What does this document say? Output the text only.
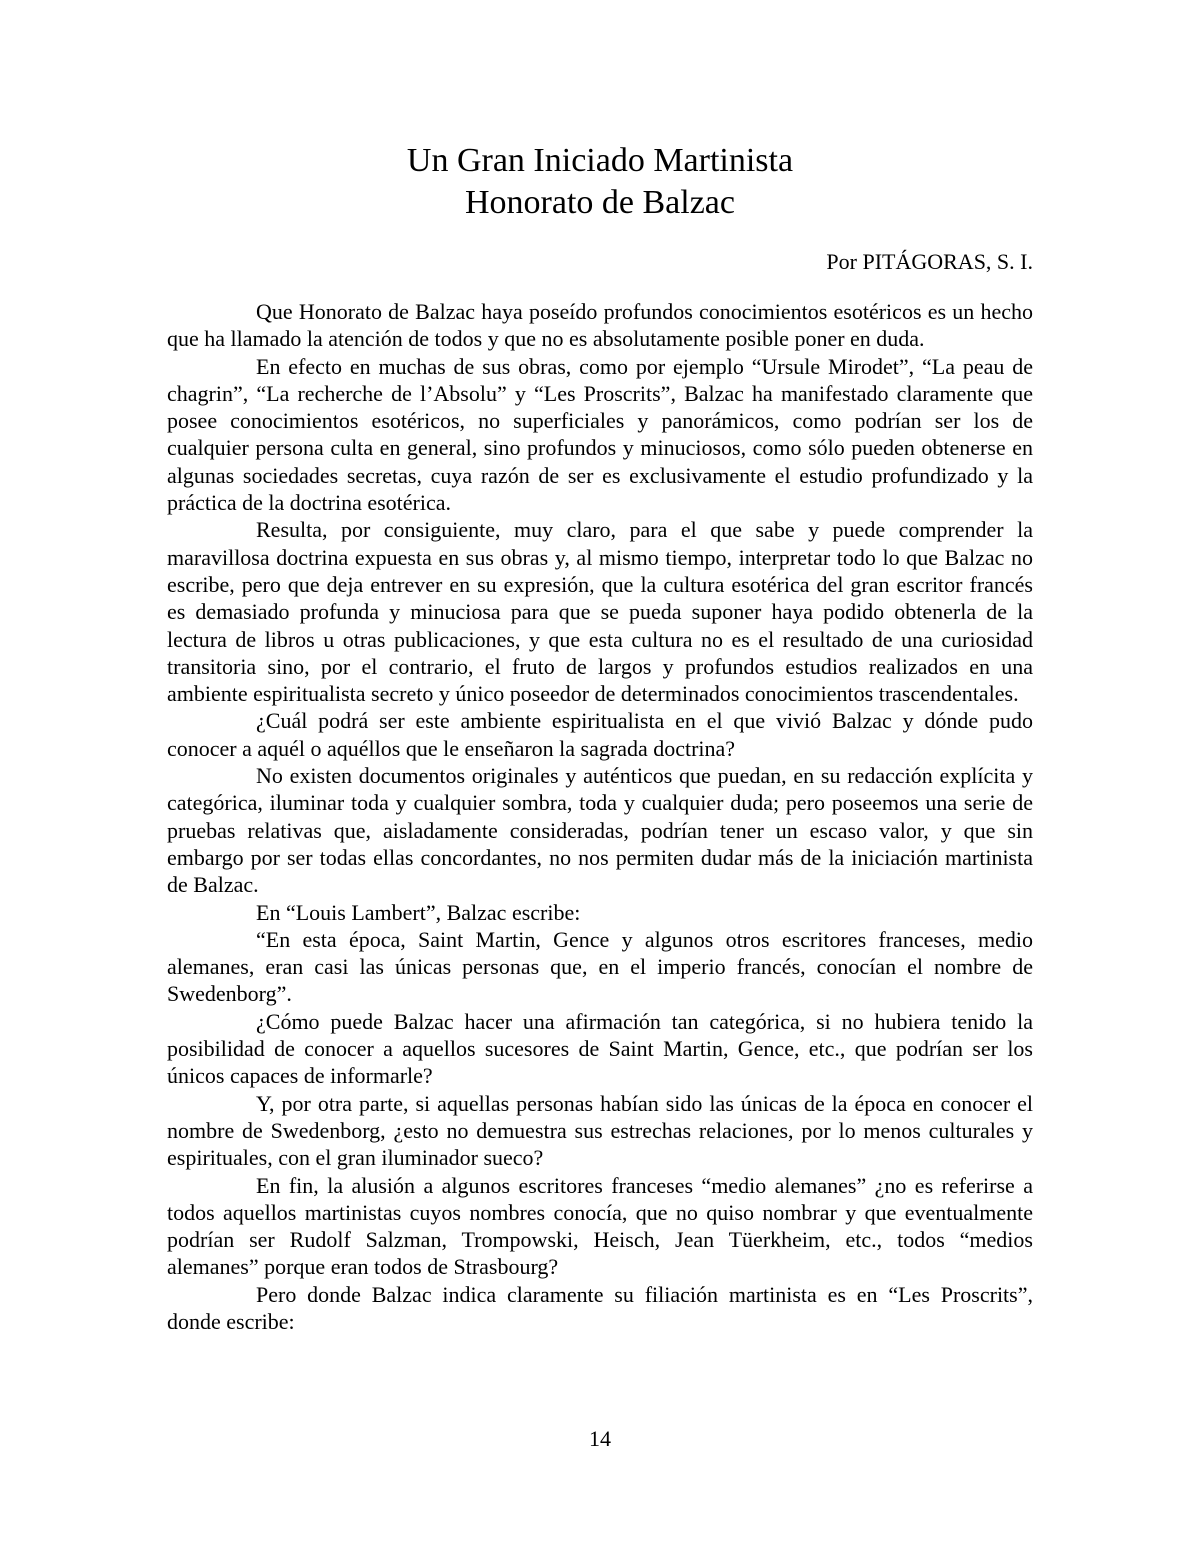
Un Gran Iniciado Martinista
Honorato de Balzac
Por PITÁGORAS, S. I.

Que Honorato de Balzac haya poseído profundos conocimientos esotéricos es un hecho que ha llamado la atención de todos y que no es absolutamente posible poner en duda.

En efecto en muchas de sus obras, como por ejemplo “Ursule Mirodet”, “La peau de chagrin”, “La recherche de l’Absolu” y “Les Proscrits”, Balzac ha manifestado claramente que posee conocimientos esotéricos, no superficiales y panorámicos, como podrían ser los de cualquier persona culta en general, sino profundos y minuciosos, como sólo pueden obtenerse en algunas sociedades secretas, cuya razón de ser es exclusivamente el estudio profundizado y la práctica de la doctrina esotérica.

Resulta, por consiguiente, muy claro, para el que sabe y puede comprender la maravillosa doctrina expuesta en sus obras y, al mismo tiempo, interpretar todo lo que Balzac no escribe, pero que deja entrever en su expresión, que la cultura esotérica del gran escritor francés es demasiado profunda y minuciosa para que se pueda suponer haya podido obtenerla de la lectura de libros u otras publicaciones, y que esta cultura no es el resultado de una curiosidad transitoria sino, por el contrario, el fruto de largos y profundos estudios realizados en una ambiente espiritualista secreto y único poseedor de determinados conocimientos trascendentales.

¿Cuál podrá ser este ambiente espiritualista en el que vivió Balzac y dónde pudo conocer a aquél o aquéllos que le enseñaron la sagrada doctrina?

No existen documentos originales y auténticos que puedan, en su redacción explícita y categórica, iluminar toda y cualquier sombra, toda y cualquier duda; pero poseemos una serie de pruebas relativas que, aisladamente consideradas, podrían tener un escaso valor, y que sin embargo por ser todas ellas concordantes, no nos permiten dudar más de la iniciación martinista de Balzac.

En “Louis Lambert”, Balzac escribe:

“En esta época, Saint Martin, Gence y algunos otros escritores franceses, medio alemanes, eran casi las únicas personas que, en el imperio francés, conocían el nombre de Swedenborg”.

¿Cómo puede Balzac hacer una afirmación tan categórica, si no hubiera tenido la posibilidad de conocer a aquellos sucesores de Saint Martin, Gence, etc., que podrían ser los únicos capaces de informarle?

Y, por otra parte, si aquellas personas habían sido las únicas de la época en conocer el nombre de Swedenborg, ¿esto no demuestra sus estrechas relaciones, por lo menos culturales y espirituales, con el gran iluminador sueco?

En fin, la alusión a algunos escritores franceses “medio alemanes” ¿no es referirse a todos aquellos martinistas cuyos nombres conocía, que no quiso nombrar y que eventualmente podrían ser Rudolf Salzman, Trompowski, Heisch, Jean Tüerkheim, etc., todos “medios alemanes” porque eran todos de Strasbourg?

Pero donde Balzac indica claramente su filiación martinista es en “Les Proscrits”, donde escribe:

14
